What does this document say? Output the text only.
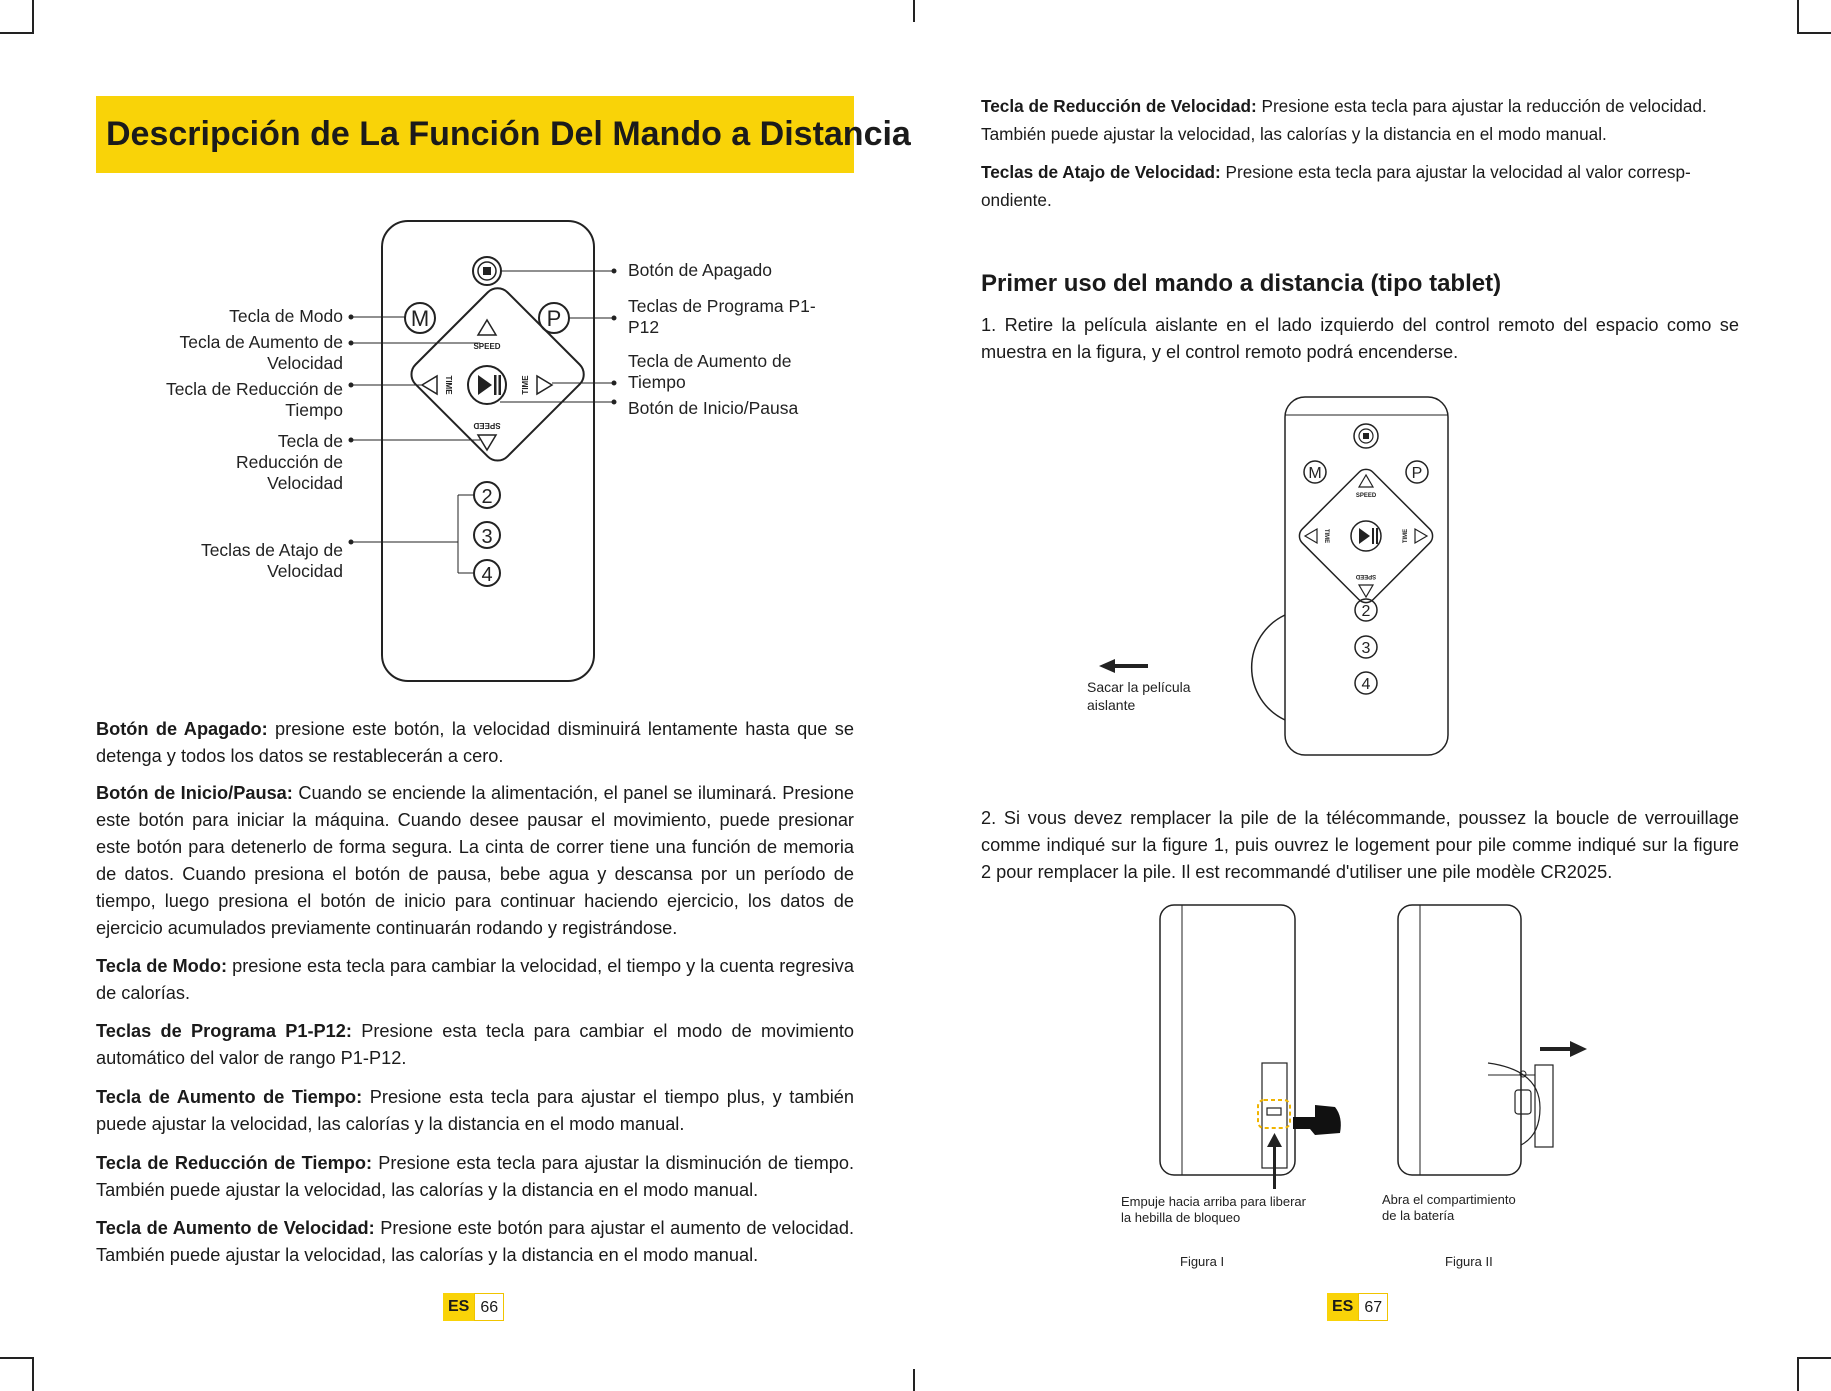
Descripción de La Función Del Mando a Distancia
M	P
SPEED
SPEED
TIME	TIME
2
3
4
Tecla de Modo
Tecla de Aumento de
Velocidad
Tecla de Reducción de
Tiempo
Tecla de
Reducción de
Velocidad
Teclas de Atajo de
Velocidad
Botón de Apagado
Teclas de Programa P1-
P12
Tecla de Aumento de
Tiempo
Botón de Inicio/Pausa

Botón de Apagado: presione este botón, la velocidad disminuirá lentamente hasta que se detenga y todos los datos se restablecerán a cero.

Botón de Inicio/Pausa: Cuando se enciende la alimentación, el panel se iluminará. Presione este botón para iniciar la máquina. Cuando desee pausar el movimiento, puede presionar este botón para detenerlo de forma segura. La cinta de correr tiene una función de memoria de datos. Cuando presiona el botón de pausa, bebe agua y descansa por un período de tiempo, luego presiona el botón de inicio para continuar haciendo ejercicio, los datos de ejercicio acumulados previamente continuarán rodando y registrándose.

Tecla de Modo: presione esta tecla para cambiar la velocidad, el tiempo y la cuenta regresiva de calorías.

Teclas de Programa P1-P12: Presione esta tecla para cambiar el modo de movimiento automático del valor de rango P1-P12.

Tecla de Aumento de Tiempo: Presione esta tecla para ajustar el tiempo plus, y también puede ajustar la velocidad, las calorías y la distancia en el modo manual.

Tecla de Reducción de Tiempo: Presione esta tecla para ajustar la disminución de tiempo. También puede ajustar la velocidad, las calorías y la distancia en el modo manual.

Tecla de Aumento de Velocidad: Presione este botón para ajustar el aumento de velocidad. También puede ajustar la velocidad, las calorías y la distancia en el modo manual.

ES 66

Tecla de Reducción de Velocidad: Presione esta tecla para ajustar la reducción de velocidad. También puede ajustar la velocidad, las calorías y la distancia en el modo manual.

Teclas de Atajo de Velocidad: Presione esta tecla para ajustar la velocidad al valor corresp-ondiente.

Primer uso del mando a distancia (tipo tablet)

1. Retire la película aislante en el lado izquierdo del control remoto del espacio como se muestra en la figura, y el control remoto podrá encenderse.

M	P
SPEED
SPEED
TIME	TIME
2
3
4
Sacar la película
aislante

2. Si vous devez remplacer la pile de la télécommande, poussez la boucle de verrouillage comme indiqué sur la figure 1, puis ouvrez le logement pour pile comme indiqué sur la figure 2 pour remplacer la pile. Il est recommandé d'utiliser une pile modèle CR2025.

Empuje hacia arriba para liberar
la hebilla de bloqueo
Figura I
Abra el compartimiento
de la batería
Figura II
ES 67
